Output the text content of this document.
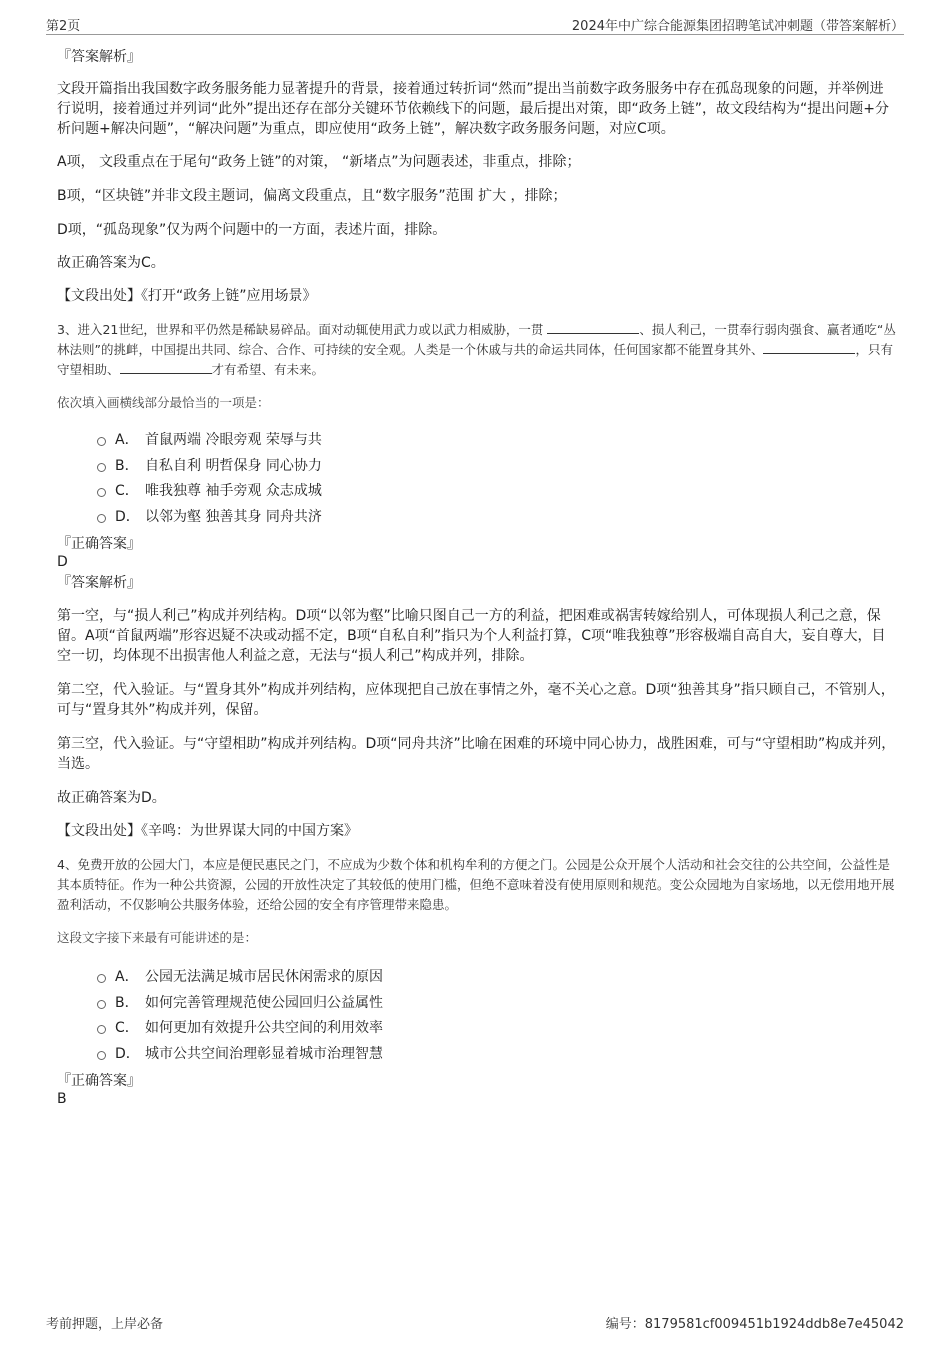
第2页	2024年中广综合能源集团招聘笔试冲刺题（带答案解析）

『答案解析』

文段开篇指出我国数字政务服务能力显著提升的背景，接着通过转折词“然而”提出当前数字政务服务中存在孤岛现象的问题，并举例进行说明，接着通过并列词“此外”提出还存在部分关键环节依赖线下的问题，最后提出对策，即“政务上链”，故文段结构为“提出问题+分析问题+解决问题”，“解决问题”为重点，即应使用“政务上链”，解决数字政务服务问题，对应C项。

A项， 文段重点在于尾句“政务上链”的对策， “新堵点”为问题表述，非重点，排除；

B项，“区块链”并非文段主题词，偏离文段重点，且“数字服务”范围 扩大 ，排除；

D项，“孤岛现象”仅为两个问题中的一方面，表述片面，排除。

故正确答案为C。

【文段出处】《打开“政务上链”应用场景》

3、进入21世纪，世界和平仍然是稀缺易碎品。面对动辄使用武力或以武力相威胁，一贯	、损人利己，一贯奉行弱肉强食、赢者通吃“丛林法则”的挑衅，中国提出共同、综合、合作、可持续的安全观。人类是一个休戚与共的命运共同体，任何国家都不能置身其外、	，只有守望相助、	才有希望、有未来。

依次填入画横线部分最恰当的一项是：

A． 首鼠两端 冷眼旁观 荣辱与共
B． 自私自利 明哲保身 同心协力
C． 唯我独尊 袖手旁观 众志成城
D． 以邻为壑 独善其身 同舟共济

『正确答案』

D

『答案解析』

第一空，与“损人利己”构成并列结构。D项“以邻为壑”比喻只图自己一方的利益，把困难或祸害转嫁给别人，可体现损人利己之意，保留。A项“首鼠两端”形容迟疑不决或动摇不定，B项“自私自利”指只为个人利益打算，C项“唯我独尊”形容极端自高自大，妄自尊大，目空一切，均体现不出损害他人利益之意，无法与“损人利己”构成并列，排除。

第二空，代入验证。与“置身其外”构成并列结构，应体现把自己放在事情之外，毫不关心之意。D项“独善其身”指只顾自己，不管别人，可与“置身其外”构成并列，保留。

第三空，代入验证。与“守望相助”构成并列结构。D项“同舟共济”比喻在困难的环境中同心协力，战胜困难，可与“守望相助”构成并列，当选。

故正确答案为D。

【文段出处】《辛鸣：为世界谋大同的中国方案》

4、免费开放的公园大门，本应是便民惠民之门，不应成为少数个体和机构牟利的方便之门。公园是公众开展个人活动和社会交往的公共空间，公益性是其本质特征。作为一种公共资源，公园的开放性决定了其较低的使用门槛，但绝不意味着没有使用原则和规范。变公众园地为自家场地，以无偿用地开展盈利活动，不仅影响公共服务体验，还给公园的安全有序管理带来隐患。

这段文字接下来最有可能讲述的是：

A． 公园无法满足城市居民休闲需求的原因
B． 如何完善管理规范使公园回归公益属性
C． 如何更加有效提升公共空间的利用效率
D． 城市公共空间治理彰显着城市治理智慧

『正确答案』

B

考前押题，上岸必备	编号：8179581cf009451b1924ddb8e7e45042
